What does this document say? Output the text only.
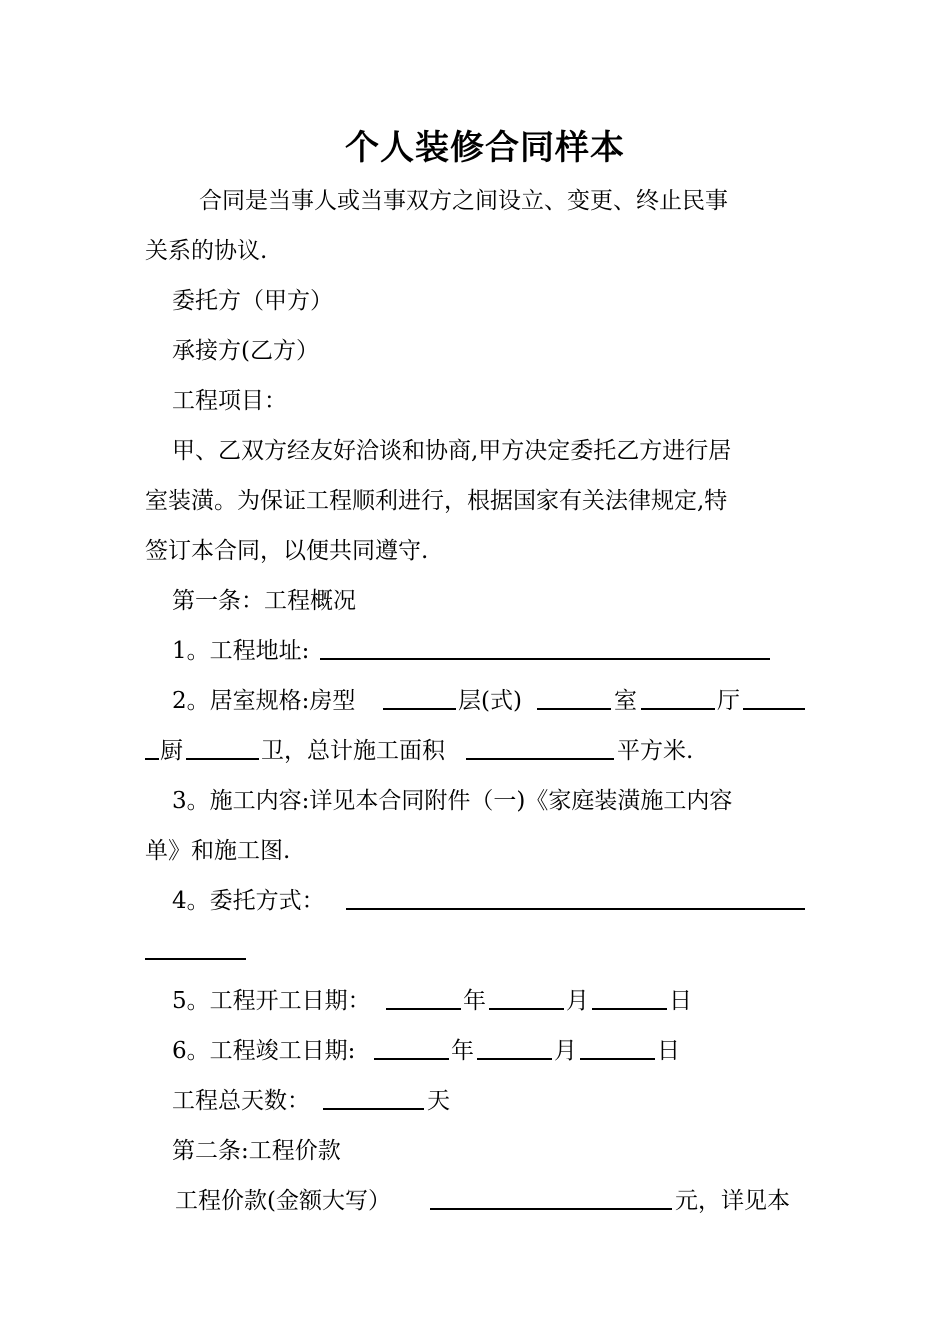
个人装修合同样本
合同是当事人或当事双方之间设立、变更、终止民事
关系的协议.
委托方（甲方）
承接方(乙方）
工程项目：
甲、乙双方经友好洽谈和协商,甲方决定委托乙方进行居
室装潢。为保证工程顺利进行，根据国家有关法律规定,特
签订本合同，以便共同遵守.
第一条：工程概况
1。工程地址:
2。居室规格:房型	层(式)	室	厅
厨	卫，总计施工面积	平方米.
3。施工内容:详见本合同附件（一)《家庭装潢施工内容
单》和施工图.
4。委托方式：
5。工程开工日期：	年	月	日
6。工程竣工日期:	年	月	日
工程总天数：	天
第二条:工程价款
工程价款(金额大写）	元，详见本
